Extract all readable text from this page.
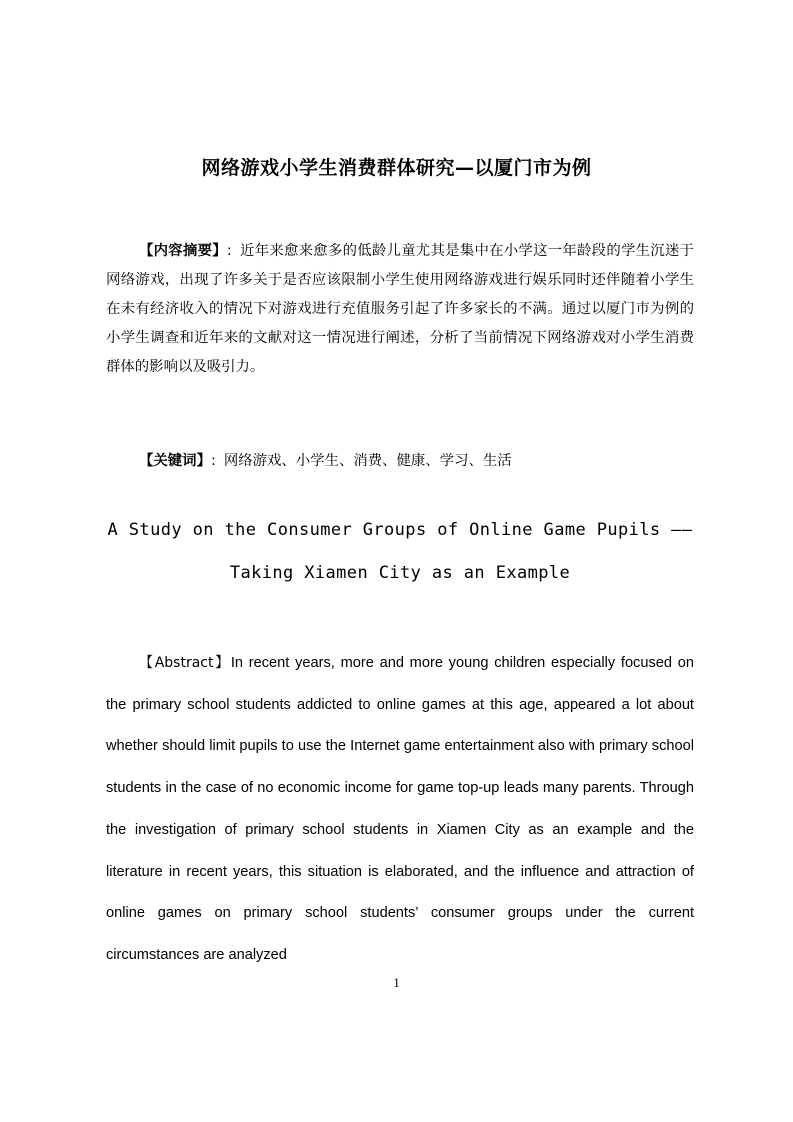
网络游戏小学生消费群体研究—以厦门市为例

【内容摘要】: 近年来愈来愈多的低龄儿童尤其是集中在小学这一年龄段的学生沉迷于网络游戏，出现了许多关于是否应该限制小学生使用网络游戏进行娱乐同时还伴随着小学生在未有经济收入的情况下对游戏进行充值服务引起了许多家长的不满。通过以厦门市为例的小学生调查和近年来的文献对这一情况进行阐述，分析了当前情况下网络游戏对小学生消费群体的影响以及吸引力。

【关键词】: 网络游戏、小学生、消费、健康、学习、生活

A Study on the Consumer Groups of Online Game Pupils ——

Taking Xiamen City as an Example

【Abstract】In recent years, more and more young children especially focused on the primary school students addicted to online games at this age, appeared a lot about whether should limit pupils to use the Internet game entertainment also with primary school students in the case of no economic income for game top-up leads many parents. Through the investigation of primary school students in Xiamen City as an example and the literature in recent years, this situation is elaborated, and the influence and attraction of online games on primary school students’ consumer groups under the current circumstances are analyzed

1
